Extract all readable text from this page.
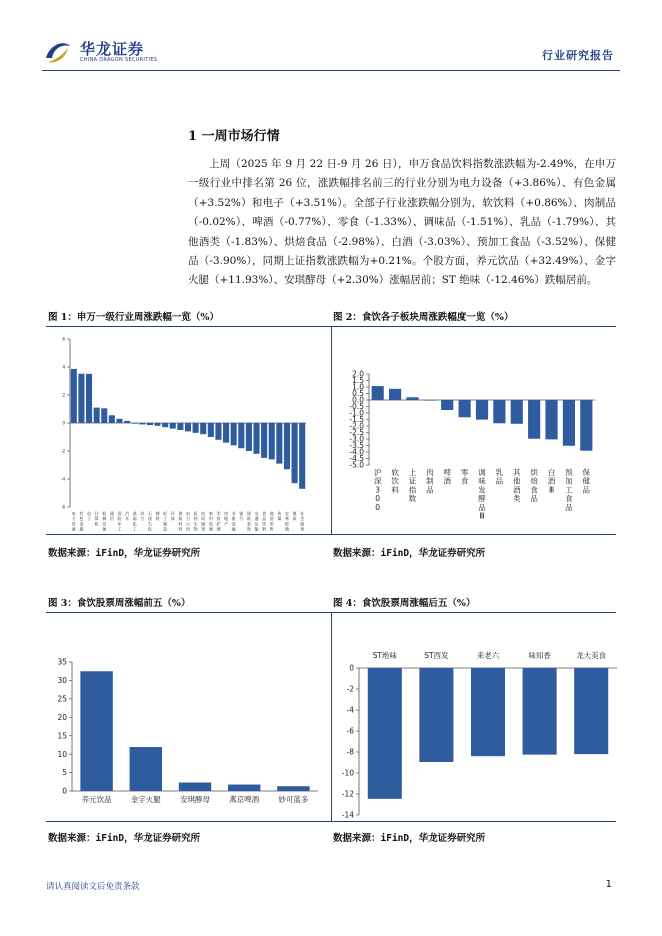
华龙证券
CHINA DRAGON SECURITIES	行业研究报告
1 一周市场行情

上周（2025 年 9 月 22 日-9 月 26 日），申万食品饮料指数涨跌幅为-2.49%，在申万一级行业中排名第 26 位，涨跌幅排名前三的行业分别为电力设备（+3.86%）、有色金属（+3.52%）和电子（+3.51%）。全部子行业涨跌幅分别为，软饮料（+0.86%）、肉制品（-0.02%）、啤酒（-0.77%）、零食（-1.33%）、调味品（-1.51%）、乳品（-1.79%）、其他酒类（-1.83%）、烘焙食品（-2.98%）、白酒（-3.03%）、预加工食品（-3.52%）、保健品（-3.90%），同期上证指数涨跌幅为+0.21%。个股方面，养元饮品（+32.49%）、金字火腿（+11.93%）、安琪酵母（+2.30%）涨幅居前；ST 绝味（-12.46%）跌幅居前。

图 1：申万一级行业周涨跌幅一览（%）	图 2：食饮各子板块周涨跌幅度一览（%）
6
4
2
0
-2
-4
-6
电力设备
有色金属
电子
计算机
机械设备
通信
国防军工
汽车
基础化工
综合
石油石化
钢铁
轻工制造
环保
建筑材料
电力公用
医药生物
纺织服饰
家用电器
美容护理
房地产
非银金融
银行
建筑装饰
交通运输
食品饮料
商贸零售
传媒
农林牧渔
煤炭
社会服务
2.0
1.5
1.0
0.5
0.0
-0.5
-1.0
-1.5
-2.0
-2.5
-3.0
-3.5
-4.0
-4.5
-5.0
沪深 3 0 0
软饮料
上证指数
肉制品
啤酒
零食
调味发酵品 Ⅲ
乳品
其他酒类
烘焙食品
白酒 Ⅲ
预加工食品
保健品
数据来源：iFinD，华龙证券研究所	数据来源：iFinD，华龙证券研究所
图 3：食饮股票周涨幅前五（%）	图 4：食饮股票周涨幅后五（%）
35
30
25
20
15
10
5
0
养元饮品	金字火腿	安琪酵母	燕京啤酒	妙可蓝多
0
-2
-4
-6
-8
-10
-12
-14
ST绝味	ST西发	来老六	味知香	龙大美食
数据来源：iFinD，华龙证券研究所	数据来源：iFinD，华龙证券研究所
请认真阅读文后免责条款	1
